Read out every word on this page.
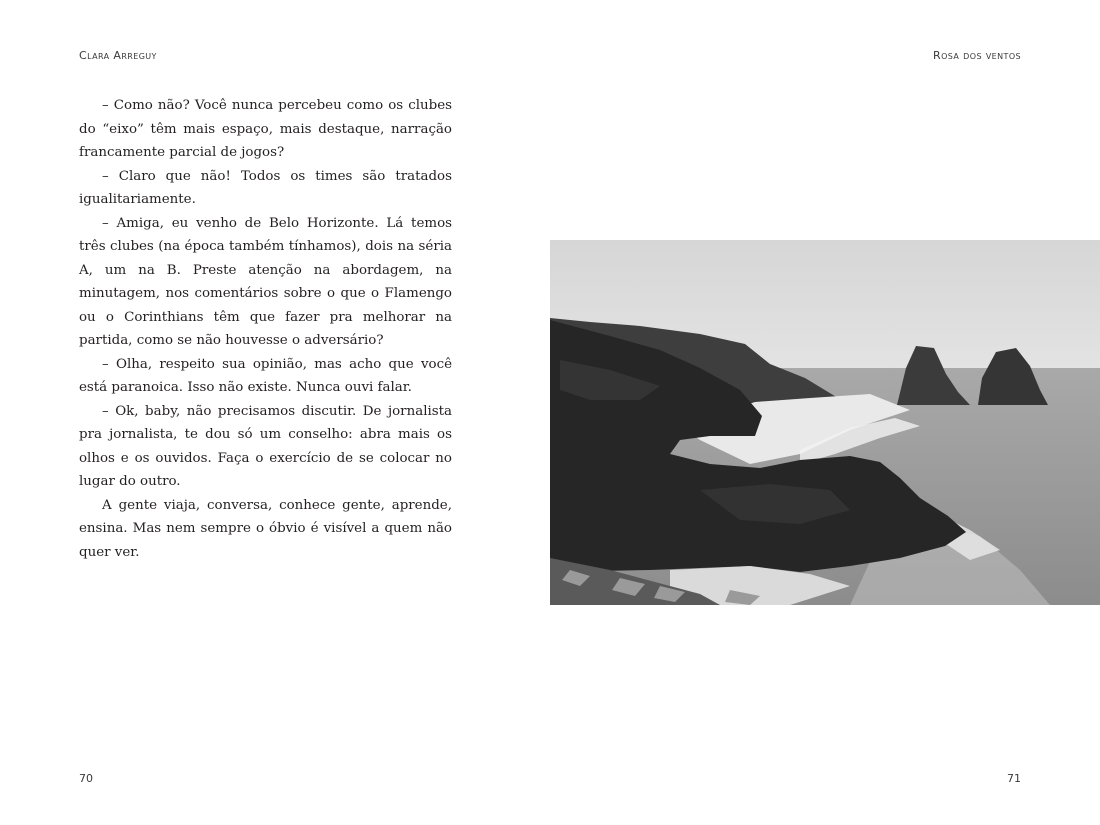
Clara Arreguy

– Como não? Você nunca percebeu como os clubes do “eixo” têm mais espaço, mais destaque, narração francamente parcial de jogos?

– Claro que não! Todos os times são tratados igualitariamente.

– Amiga, eu venho de Belo Horizonte. Lá temos três clubes (na época também tínhamos), dois na séria A, um na B. Preste atenção na abordagem, na minutagem, nos comentários sobre o que o Flamengo ou o Corinthians têm que fazer pra melhorar na partida, como se não houvesse o adversário?

– Olha, respeito sua opinião, mas acho que você está paranoica. Isso não existe. Nunca ouvi falar.

– Ok, baby, não precisamos discutir. De jornalista pra jornalista, te dou só um conselho: abra mais os olhos e os ouvidos. Faça o exercício de se colocar no lugar do outro.

A gente viaja, conversa, conhece gente, aprende, ensina. Mas nem sempre o óbvio é visível a quem não quer ver.

70
Rosa dos ventos
71
